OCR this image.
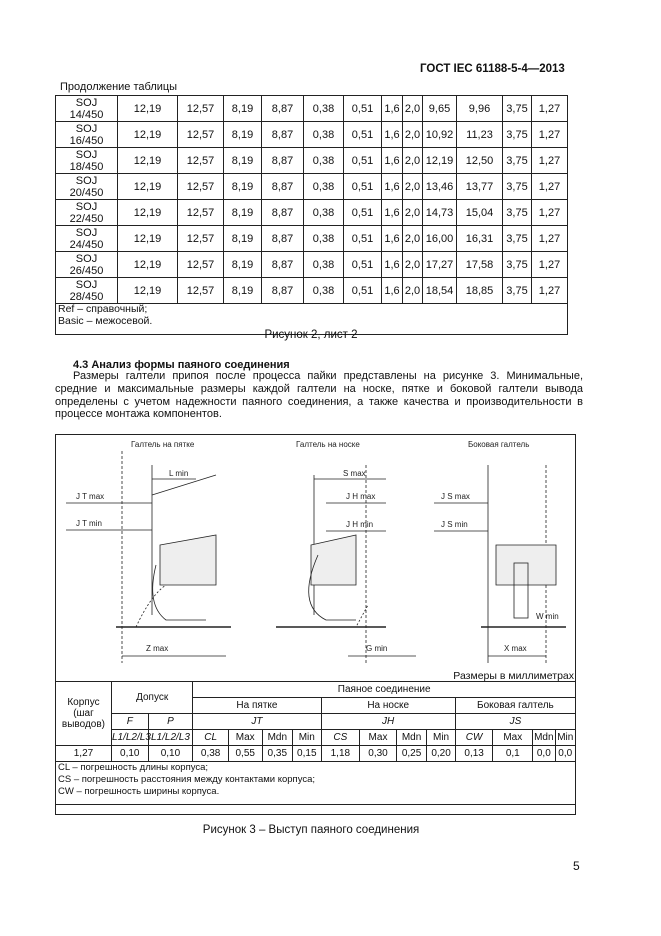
ГОСТ IEC 61188-5-4—2013
Продолжение таблицы
SOJ
14/450	12,19	12,57	8,19	8,87	0,38	0,51	1,6	2,0	9,65	9,96	3,75	1,27
SOJ
16/450	12,19	12,57	8,19	8,87	0,38	0,51	1,6	2,0	10,92	11,23	3,75	1,27
SOJ
18/450	12,19	12,57	8,19	8,87	0,38	0,51	1,6	2,0	12,19	12,50	3,75	1,27
SOJ
20/450	12,19	12,57	8,19	8,87	0,38	0,51	1,6	2,0	13,46	13,77	3,75	1,27
SOJ
22/450	12,19	12,57	8,19	8,87	0,38	0,51	1,6	2,0	14,73	15,04	3,75	1,27
SOJ
24/450	12,19	12,57	8,19	8,87	0,38	0,51	1,6	2,0	16,00	16,31	3,75	1,27
SOJ
26/450	12,19	12,57	8,19	8,87	0,38	0,51	1,6	2,0	17,27	17,58	3,75	1,27
SOJ
28/450	12,19	12,57	8,19	8,87	0,38	0,51	1,6	2,0	18,54	18,85	3,75	1,27

Ref – справочный;
Basic – межосевой.												
Рисунок 2, лист 2
4.3 Анализ формы паяного соединения

Размеры галтели припоя после процесса пайки представлены на рисунке 3. Минимальные, средние и максимальные размеры каждой галтели на носке, пятке и боковой галтели вывода определены с учетом надежности паяного соединения, а также качества и производительности в процессе монтажа компонентов.

Галтель на пятке
L min
J T max
J T min
Z max
Галтель на носке
S max
J H max
J H min
G min
Боковая галтель
J S max
J S min
W min
X max
Размеры в миллиметрах
Корпус (шаг выводов)	Допуск		Паяное соединение											
			На пятке				На носке				Боковая галтель			
	F	P	JT				JH				JS			
	L1/L2/L3	L1/L2/L3	CL	Max	Mdn	Min	CS	Max	Mdn	Min	CW	Max	Mdn	Min
1,27	0,10	0,10	0,38	0,55	0,35	0,15	1,18	0,30	0,25	0,20	0,13	0,1	0,0	0,0

CL – погрешность длины корпуса;
CS – погрешность расстояния между контактами корпуса;
CW – погрешность ширины корпуса.														
Рисунок 3 – Выступ паяного соединения
5
